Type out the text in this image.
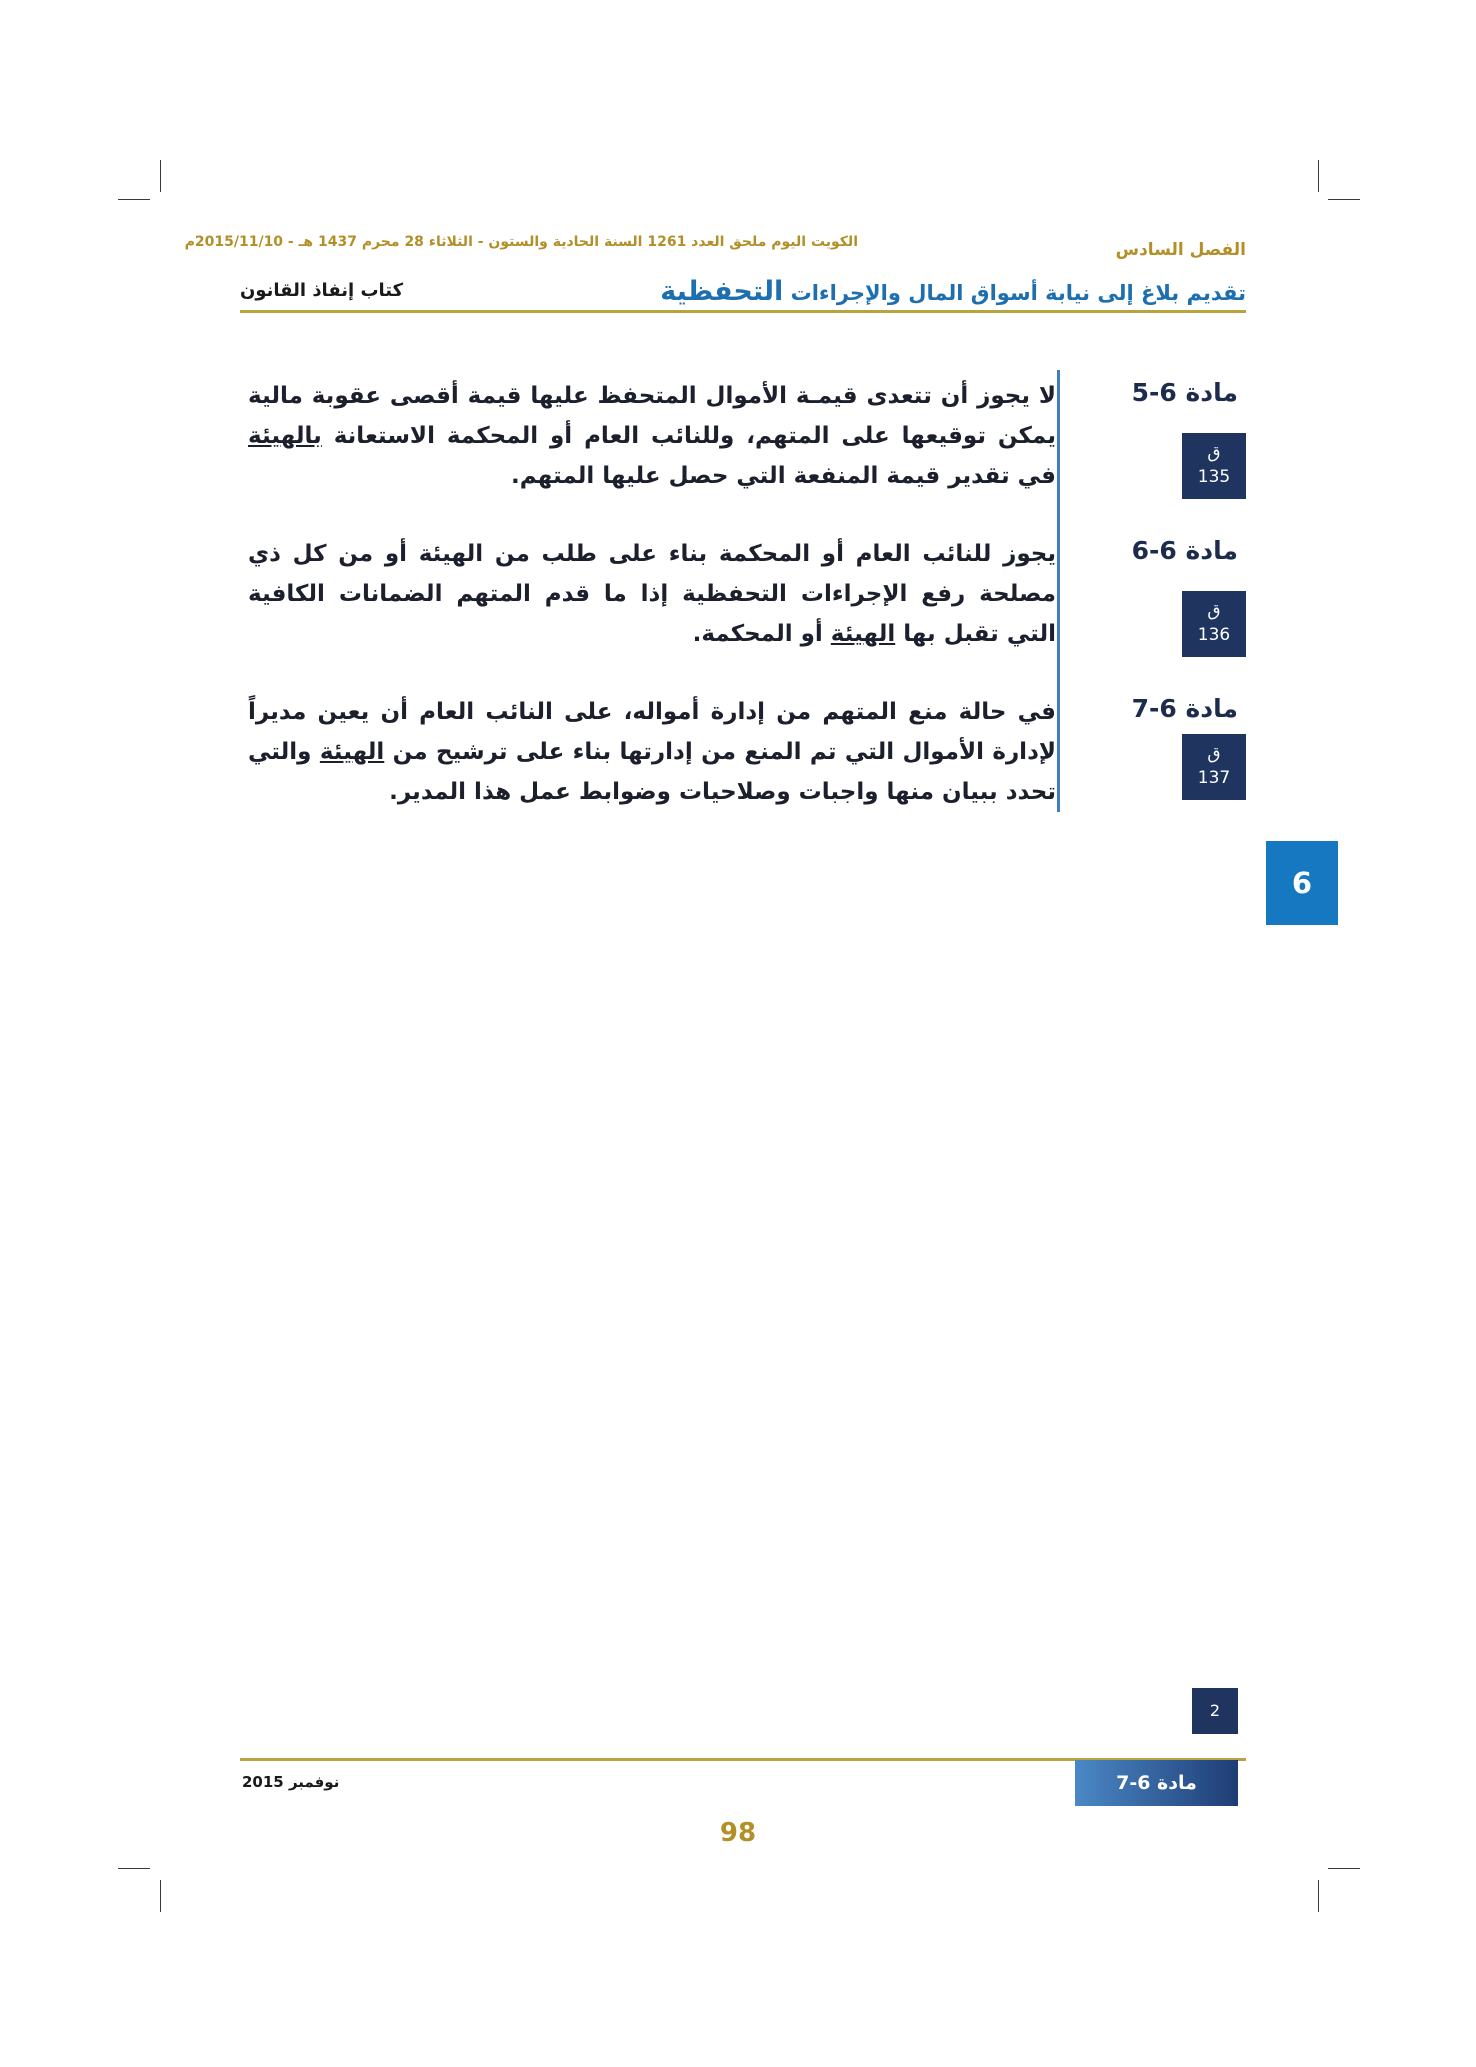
الفصل السادس
الكويت اليوم ملحق العدد 1261 السنة الحادية والستون - الثلاثاء 28 محرم 1437 هـ - 2015/11/10م
تقديم بلاغ إلى نيابة أسواق المال والإجراءات التحفظية
كتاب إنفاذ القانون
مادة 6-5
ق
135
لا يجوز أن تتعدى قيمـة الأموال المتحفظ عليها قيمة أقصى عقوبة مالية يمكن توقيعها على المتهم، وللنائب العام أو المحكمة الاستعانة بالهيئة في تقدير قيمة المنفعة التي حصل عليها المتهم.
مادة 6-6
ق
136
يجوز للنائب العام أو المحكمة بناء على طلب من الهيئة أو من كل ذي مصلحة رفع الإجراءات التحفظية إذا ما قدم المتهم الضمانات الكافية التي تقبل بها الهيئة أو المحكمة.
مادة 6-7
ق
137
في حالة منع المتهم من إدارة أمواله، على النائب العام أن يعين مديراً لإدارة الأموال التي تم المنع من إدارتها بناء على ترشيح من الهيئة والتي تحدد ببيان منها واجبات وصلاحيات وضوابط عمل هذا المدير.
6
2
مادة 6-7
نوفمبر 2015
98
